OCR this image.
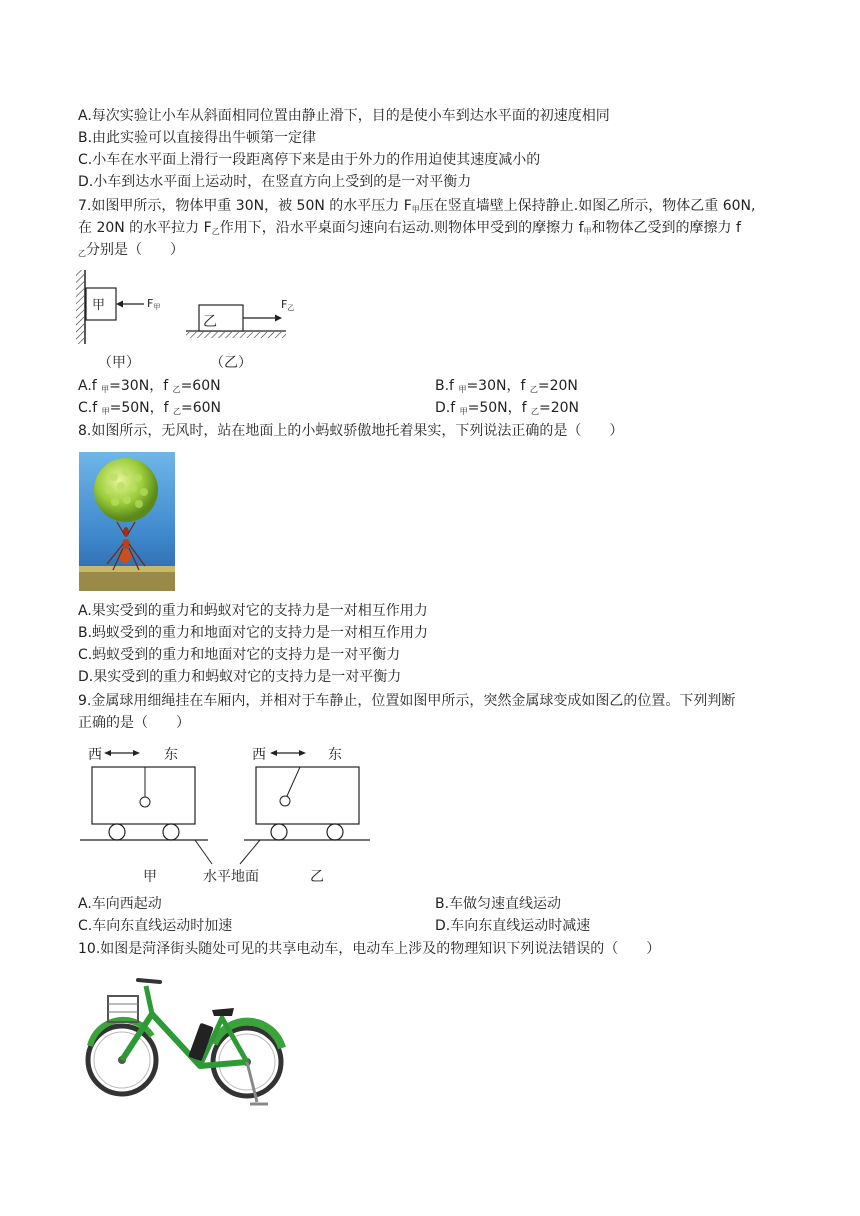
A.每次实验让小车从斜面相同位置由静止滑下，目的是使小车到达水平面的初速度相同
B.由此实验可以直接得出牛顿第一定律
C.小车在水平面上滑行一段距离停下来是由于外力的作用迫使其速度减小的
D.小车到达水平面上运动时，在竖直方向上受到的是一对平衡力
7.如图甲所示，物体甲重 30N，被 50N 的水平压力 $F_甲$压在竖直墙壁上保持静止.如图乙所示，物体乙重 60N,
在 20N 的水平拉力 $F_乙$作用下，沿水平桌面匀速向右运动.则物体甲受到的摩擦力 $f_甲$和物体乙受到的摩擦力 f
$_乙$分别是（　　）
甲	$F_甲$
乙
$F_乙$
（甲）	（乙）
A.f $_甲$=30N，f $_乙$=60N	B.f $_甲$=30N，f $_乙$=20N
C.f $_甲$=50N，f $_乙$=60N	D.f $_甲$=50N，f $_乙$=20N
8.如图所示，无风时，站在地面上的小蚂蚁骄傲地托着果实，下列说法正确的是（　　）
A.果实受到的重力和蚂蚁对它的支持力是一对相互作用力
B.蚂蚁受到的重力和地面对它的支持力是一对相互作用力
C.蚂蚁受到的重力和地面对它的支持力是一对平衡力
D.果实受到的重力和蚂蚁对它的支持力是一对平衡力
9.金属球用细绳挂在车厢内，并相对于车静止，位置如图甲所示，突然金属球变成如图乙的位置。下列判断
正确的是（　　）
西	东	西	东
甲	水平地面	乙
A.车向西起动	B.车做匀速直线运动
C.车向东直线运动时加速	D.车向东直线运动时减速
10.如图是菏泽街头随处可见的共享电动车，电动车上涉及的物理知识下列说法错误的（　　）
